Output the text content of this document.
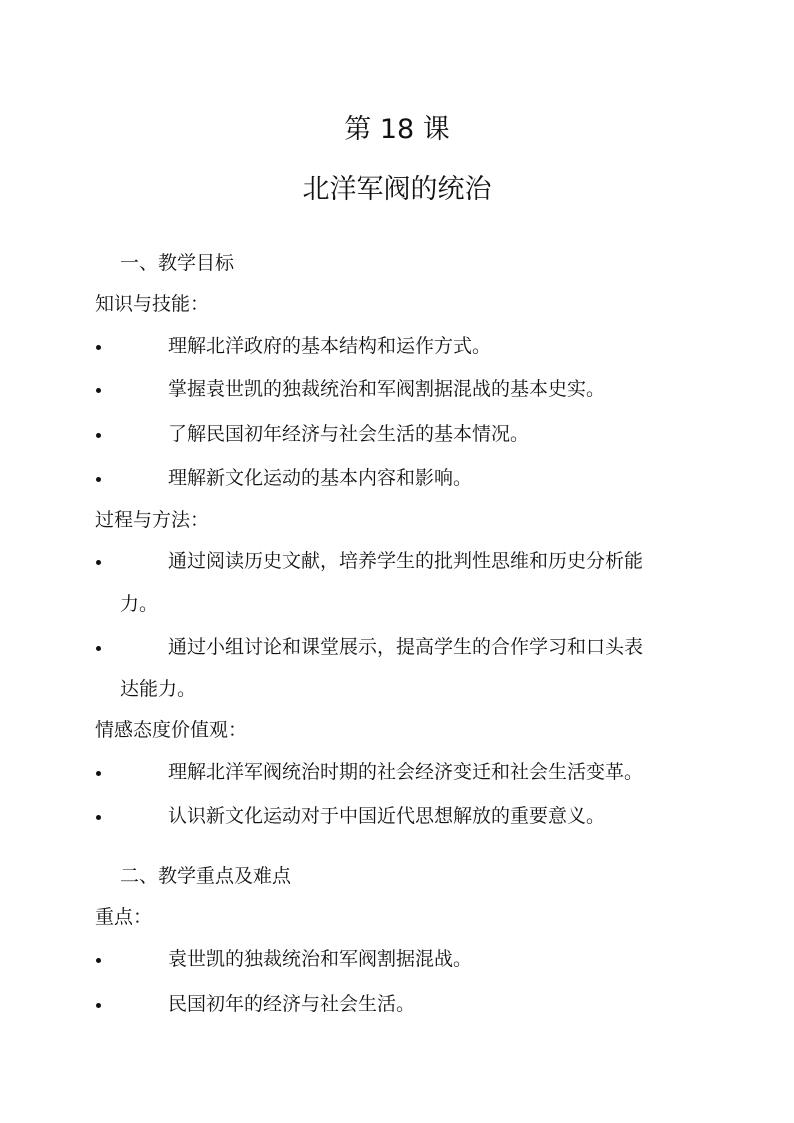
第 18 课
北洋军阀的统治
一、教学目标
知识与技能：
理解北洋政府的基本结构和运作方式。
掌握袁世凯的独裁统治和军阀割据混战的基本史实。
了解民国初年经济与社会生活的基本情况。
理解新文化运动的基本内容和影响。
过程与方法：
通过阅读历史文献，培养学生的批判性思维和历史分析能
力。
通过小组讨论和课堂展示，提高学生的合作学习和口头表
达能力。
情感态度价值观：
理解北洋军阀统治时期的社会经济变迁和社会生活变革。
认识新文化运动对于中国近代思想解放的重要意义。
二、教学重点及难点
重点：
袁世凯的独裁统治和军阀割据混战。
民国初年的经济与社会生活。
